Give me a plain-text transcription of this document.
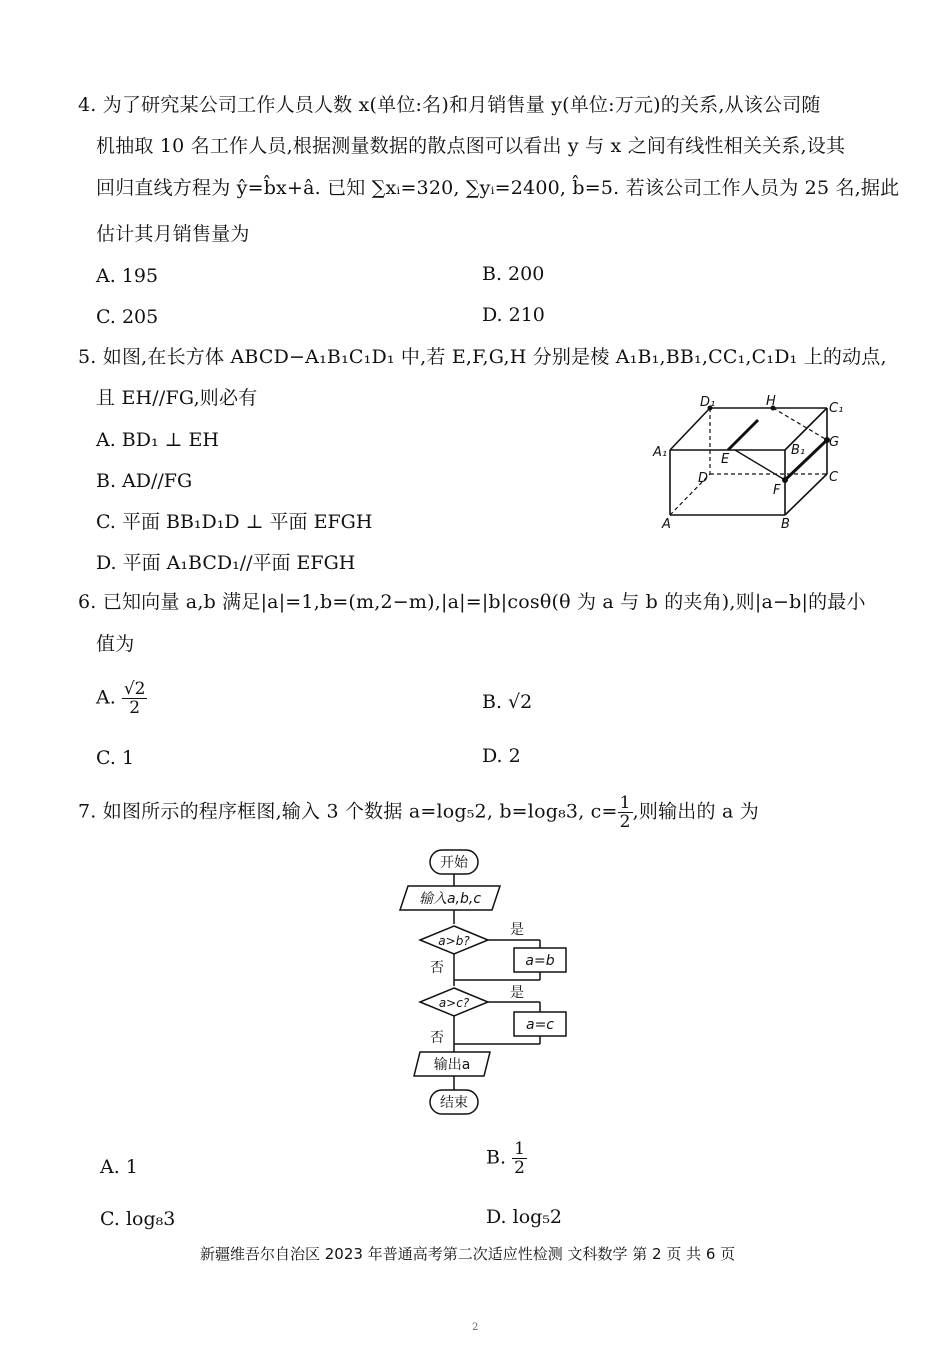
4. 为了研究某公司工作人员人数 x(单位:名)和月销售量 y(单位:万元)的关系,从该公司随
机抽取 10 名工作人员,根据测量数据的散点图可以看出 y 与 x 之间有线性相关关系,设其
回归直线方程为 ŷ=b̂x+â. 已知 ∑xᵢ=320, ∑yᵢ=2400, b̂=5. 若该公司工作人员为 25 名,据此
估计其月销售量为
A. 195	B. 200
C. 205	D. 210
5. 如图,在长方体 ABCD−A₁B₁C₁D₁ 中,若 E,F,G,H 分别是棱 A₁B₁,BB₁,CC₁,C₁D₁ 上的动点,
且 EH//FG,则必有
A. BD₁ ⊥ EH
B. AD//FG
C. 平面 BB₁D₁D ⊥ 平面 EFGH
D. 平面 A₁BCD₁//平面 EFGH
D₁	H	C₁
G
A₁	E
B₁
D	C
F
A	B
6. 已知向量 a,b 满足|a|=1,b=(m,2−m),|a|=|b|cosθ(θ 为 a 与 b 的夹角),则|a−b|的最小
值为
A. $\frac{√2}{2}$	B. √2
C. 1	D. 2
7. 如图所示的程序框图,输入 3 个数据 a=log₅2, b=log₈3, $c= \frac{1}{2}$ ,则输出的 a 为
开始
输入a,b,c
a>b?
是
a=b
否
a>c?
是
a=c
否
输出a
结束
A. 1	B. $\frac{1}{2}$
C. log₈3	D. log₅2
新疆维吾尔自治区 2023 年普通高考第二次适应性检测 文科数学 第 2 页 共 6 页
2
